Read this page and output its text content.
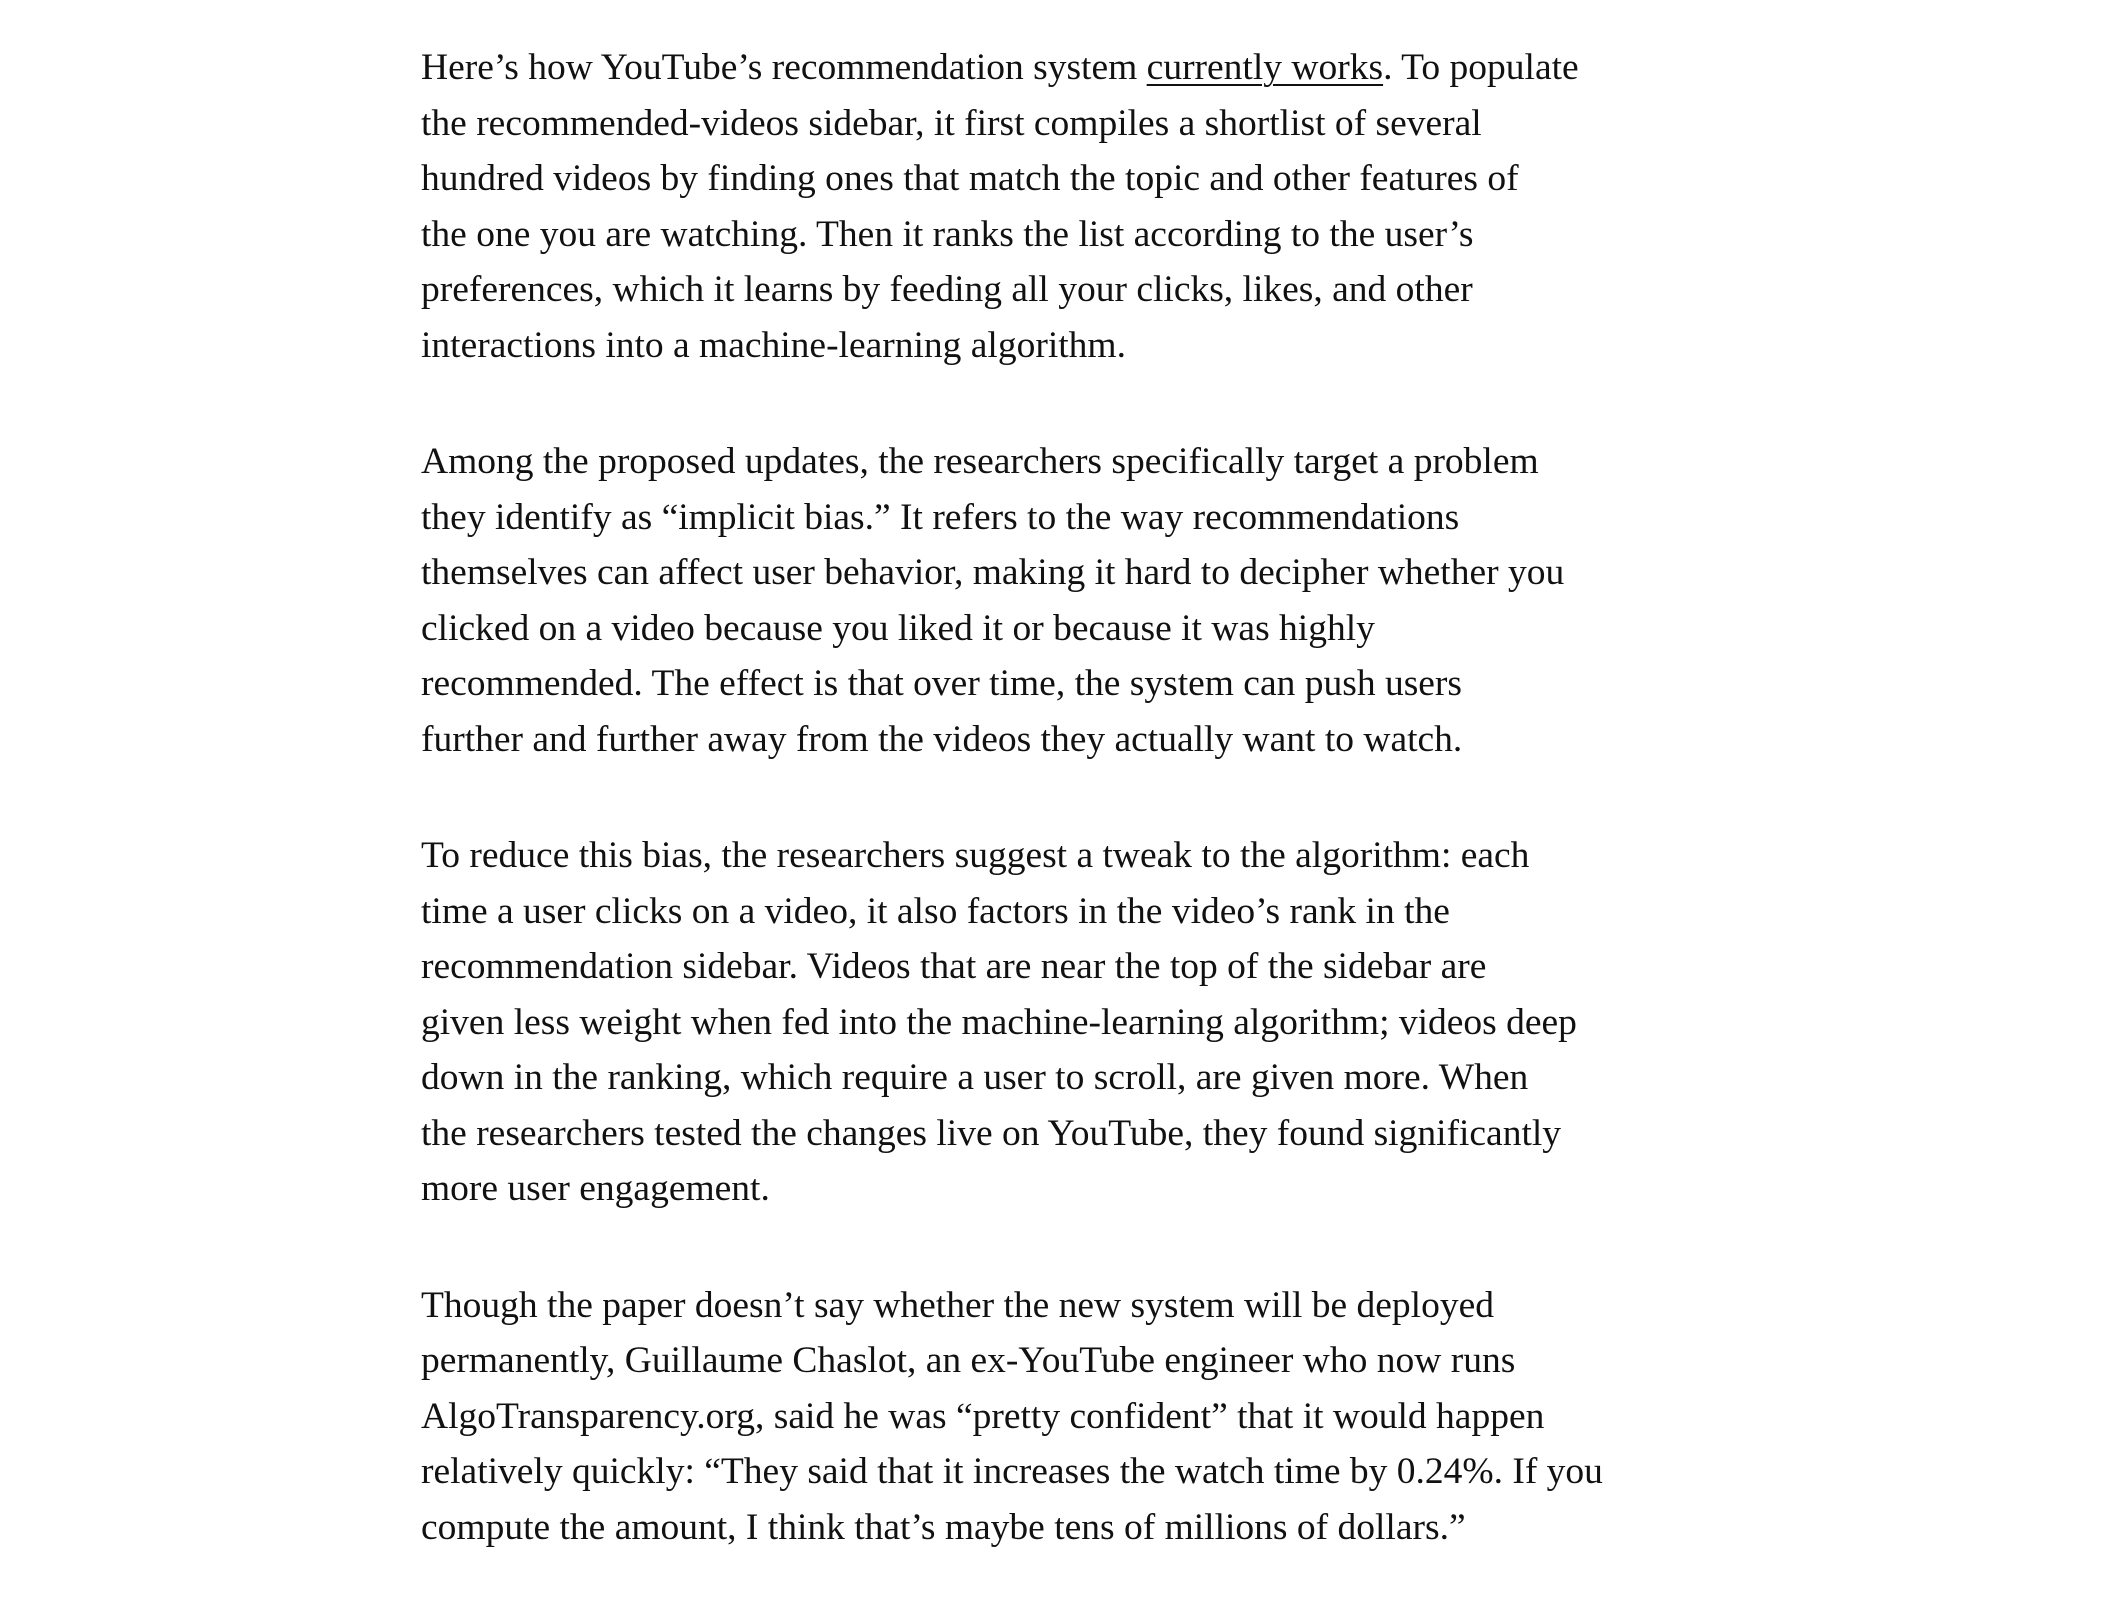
Here’s how YouTube’s recommendation system currently works. To populate
the recommended-videos sidebar, it first compiles a shortlist of several
hundred videos by finding ones that match the topic and other features of
the one you are watching. Then it ranks the list according to the user’s
preferences, which it learns by feeding all your clicks, likes, and other
interactions into a machine-learning algorithm.

Among the proposed updates, the researchers specifically target a problem
they identify as “implicit bias.” It refers to the way recommendations
themselves can affect user behavior, making it hard to decipher whether you
clicked on a video because you liked it or because it was highly
recommended. The effect is that over time, the system can push users
further and further away from the videos they actually want to watch.

To reduce this bias, the researchers suggest a tweak to the algorithm: each
time a user clicks on a video, it also factors in the video’s rank in the
recommendation sidebar. Videos that are near the top of the sidebar are
given less weight when fed into the machine-learning algorithm; videos deep
down in the ranking, which require a user to scroll, are given more. When
the researchers tested the changes live on YouTube, they found significantly
more user engagement.

Though the paper doesn’t say whether the new system will be deployed
permanently, Guillaume Chaslot, an ex-YouTube engineer who now runs
AlgoTransparency.org, said he was “pretty confident” that it would happen
relatively quickly: “They said that it increases the watch time by 0.24%. If you
compute the amount, I think that’s maybe tens of millions of dollars.”
